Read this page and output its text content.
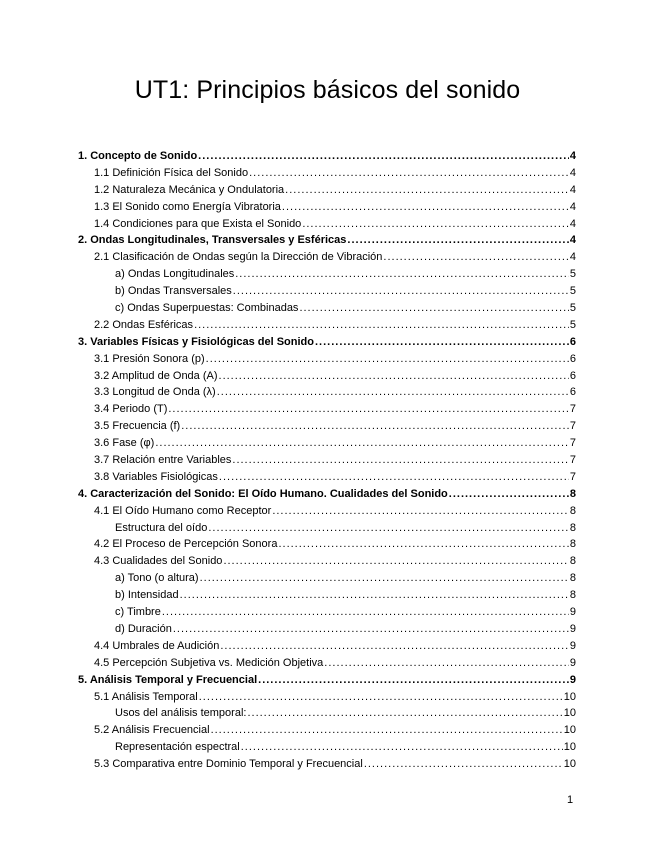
UT1: Principios básicos del sonido
1. Concepto de Sonido .....	4
1.1 Definición Física del Sonido .....	4
1.2 Naturaleza Mecánica y Ondulatoria .....	4
1.3 El Sonido como Energía Vibratoria .....	4
1.4 Condiciones para que Exista el Sonido .....	4
2. Ondas Longitudinales, Transversales y Esféricas .....	4
2.1 Clasificación de Ondas según la Dirección de Vibración .....	4
a) Ondas Longitudinales .....	5
b) Ondas Transversales .....	5
c) Ondas Superpuestas: Combinadas .....	5
2.2 Ondas Esféricas .....	5
3. Variables Físicas y Fisiológicas del Sonido .....	6
3.1 Presión Sonora (p) .....	6
3.2 Amplitud de Onda (A) .....	6
3.3 Longitud de Onda (λ) .....	6
3.4 Periodo (T) .....	7
3.5 Frecuencia (f) .....	7
3.6 Fase (φ) .....	7
3.7 Relación entre Variables .....	7
3.8 Variables Fisiológicas .....	7
4. Caracterización del Sonido: El Oído Humano. Cualidades del Sonido .....	8
4.1 El Oído Humano como Receptor .....	8
Estructura del oído .....	8
4.2 El Proceso de Percepción Sonora .....	8
4.3 Cualidades del Sonido .....	8
a) Tono (o altura) .....	8
b) Intensidad .....	8
c) Timbre .....	9
d) Duración .....	9
4.4 Umbrales de Audición .....	9
4.5 Percepción Subjetiva vs. Medición Objetiva .....	9
5. Análisis Temporal y Frecuencial .....	9
5.1 Análisis Temporal .....	10
Usos del análisis temporal: .....	10
5.2 Análisis Frecuencial .....	10
Representación espectral .....	10
5.3 Comparativa entre Dominio Temporal y Frecuencial .....	10
1
